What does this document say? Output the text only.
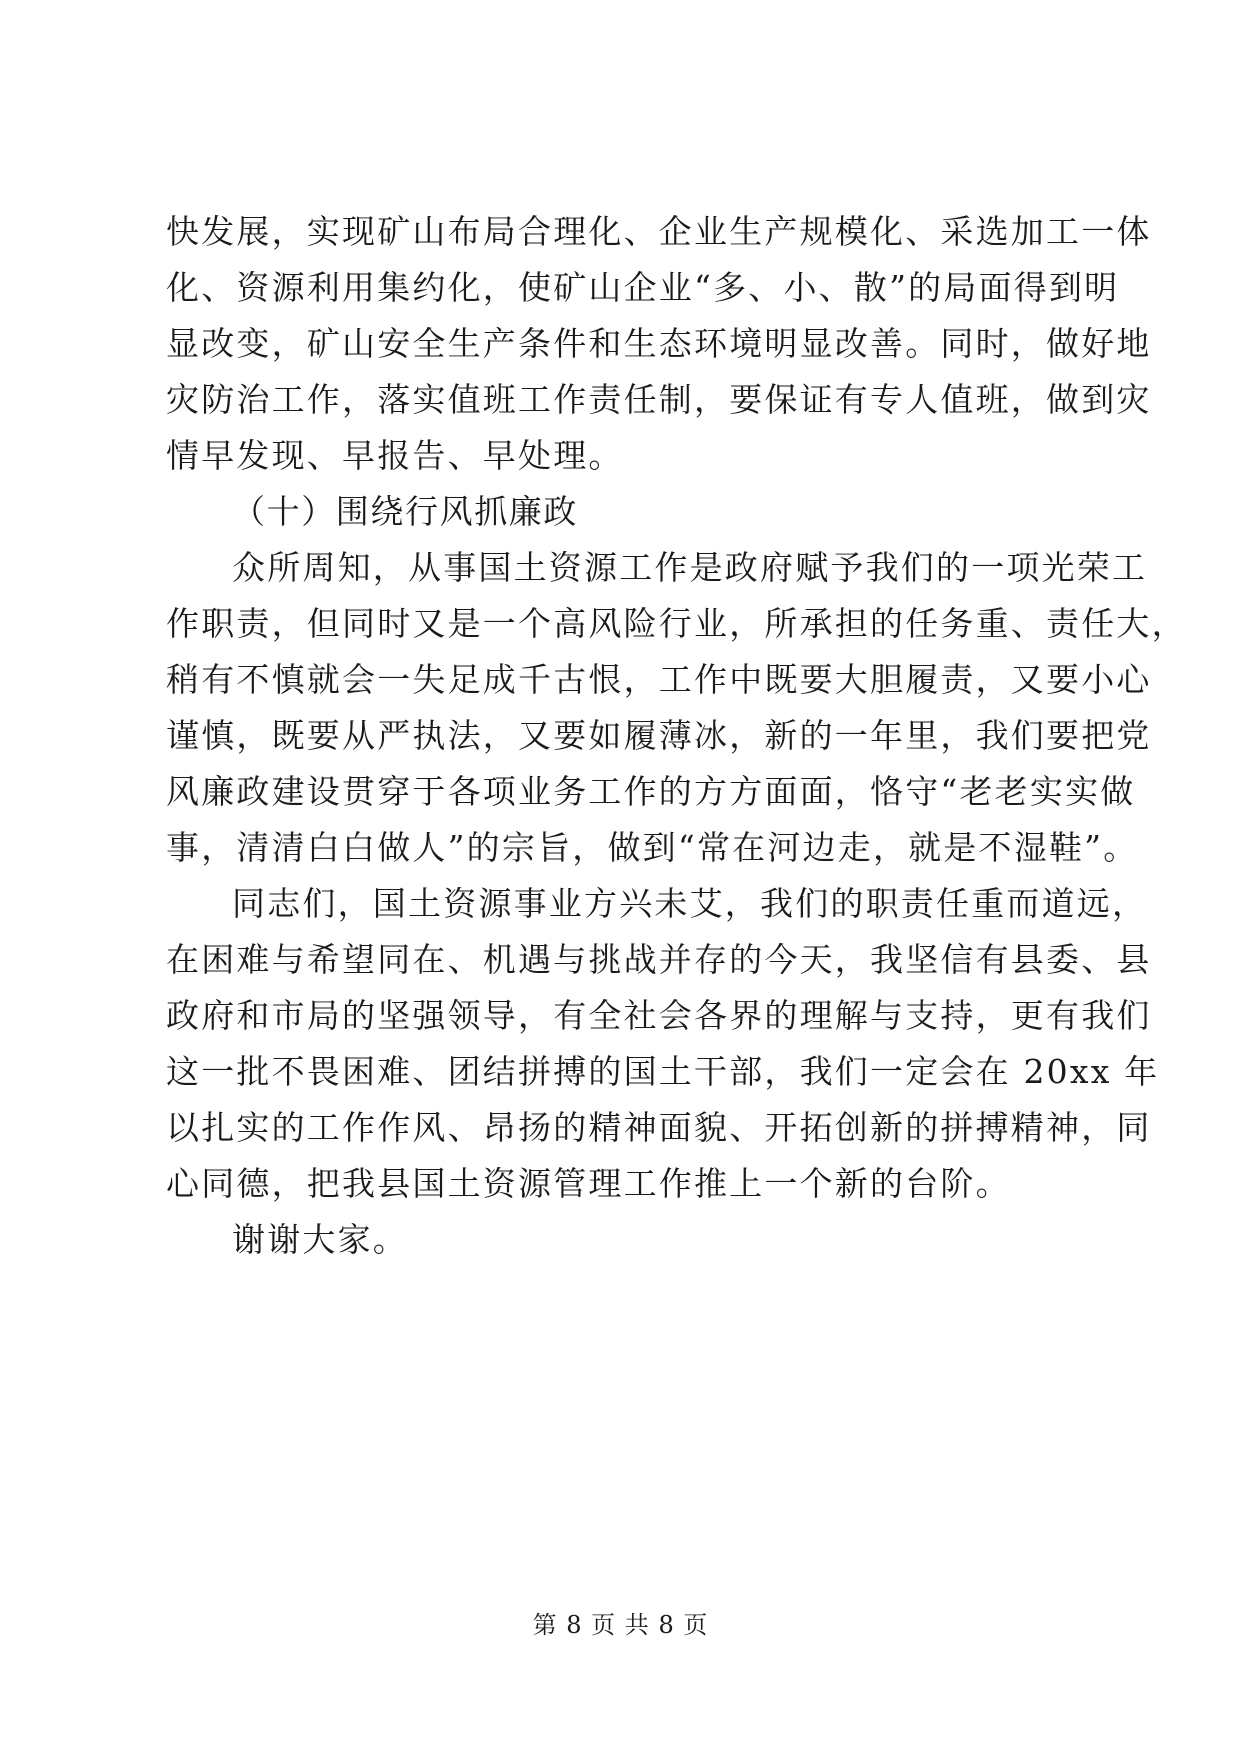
快发展，实现矿山布局合理化、企业生产规模化、采选加工一体
化、资源利用集约化，使矿山企业“多、小、散”的局面得到明
显改变，矿山安全生产条件和生态环境明显改善。同时，做好地
灾防治工作，落实值班工作责任制，要保证有专人值班，做到灾
情早发现、早报告、早处理。
（十）围绕行风抓廉政
众所周知，从事国土资源工作是政府赋予我们的一项光荣工
作职责，但同时又是一个高风险行业，所承担的任务重、责任大，
稍有不慎就会一失足成千古恨，工作中既要大胆履责，又要小心
谨慎，既要从严执法，又要如履薄冰，新的一年里，我们要把党
风廉政建设贯穿于各项业务工作的方方面面，恪守“老老实实做
事，清清白白做人”的宗旨，做到“常在河边走，就是不湿鞋”。
同志们，国土资源事业方兴未艾，我们的职责任重而道远，
在困难与希望同在、机遇与挑战并存的今天，我坚信有县委、县
政府和市局的坚强领导，有全社会各界的理解与支持，更有我们
这一批不畏困难、团结拼搏的国土干部，我们一定会在 20xx 年
以扎实的工作作风、昂扬的精神面貌、开拓创新的拼搏精神，同
心同德，把我县国土资源管理工作推上一个新的台阶。
谢谢大家。
第 8 页 共 8 页
